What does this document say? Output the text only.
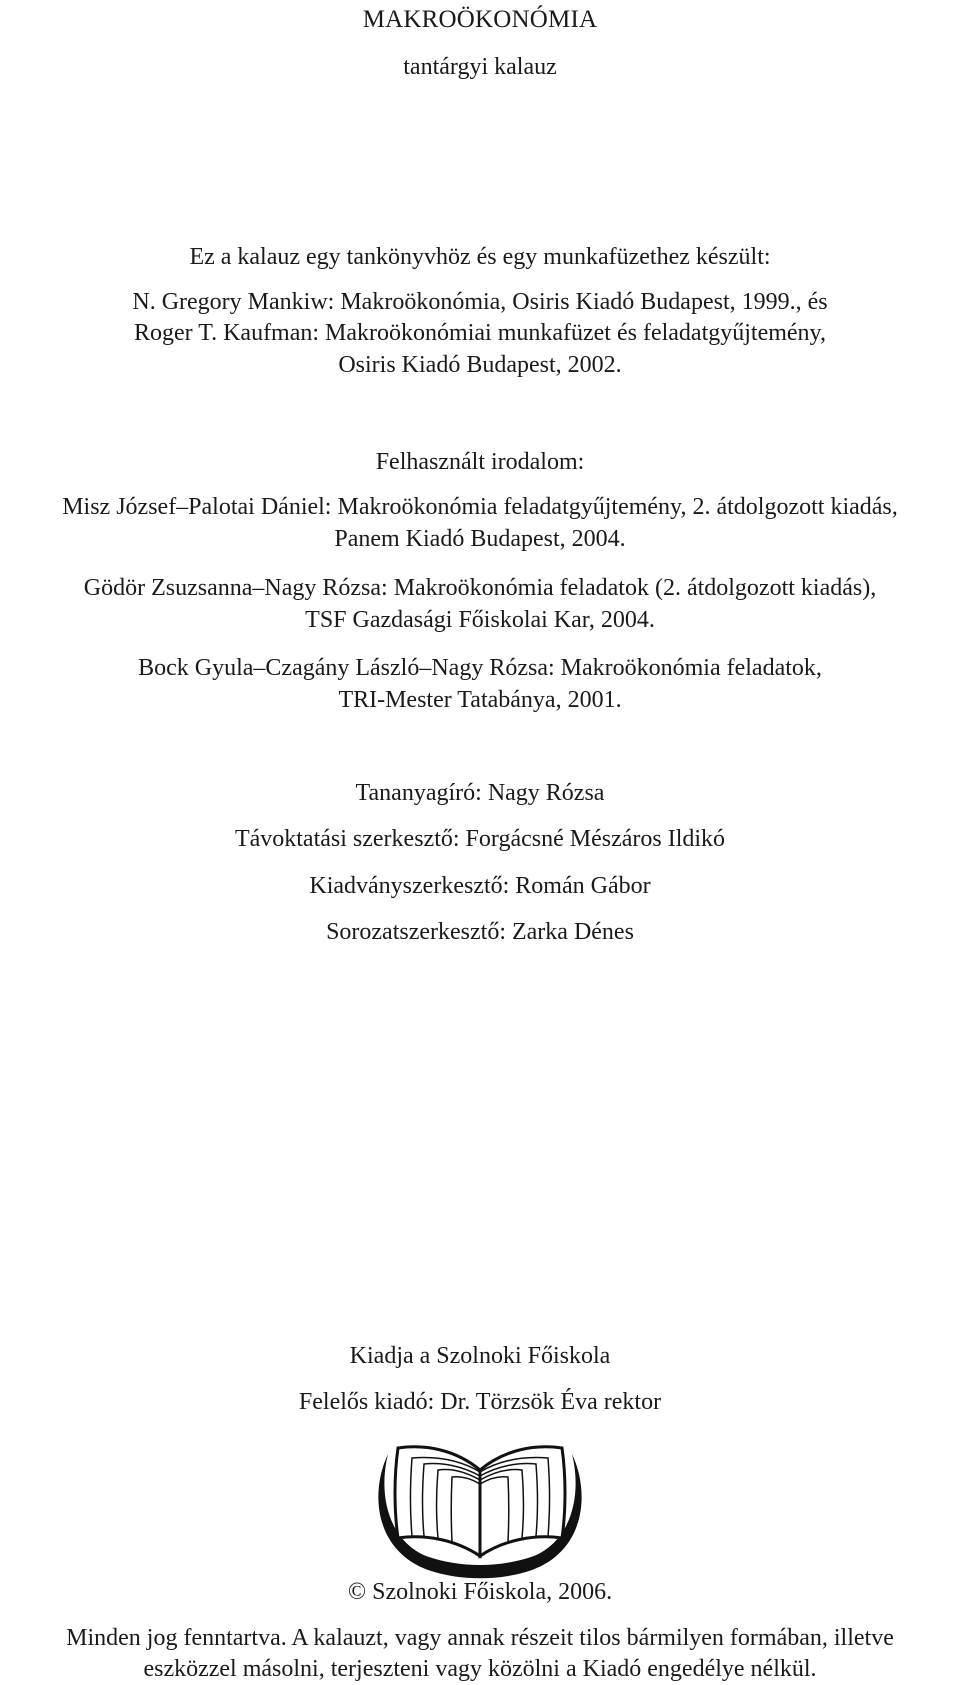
MAKROÖKONÓMIA
tantárgyi kalauz
Ez a kalauz egy tankönyvhöz és egy munkafüzethez készült:
N. Gregory Mankiw: Makroökonómia, Osiris Kiadó Budapest, 1999., és
Roger T. Kaufman: Makroökonómiai munkafüzet és feladatgyűjtemény,
Osiris Kiadó Budapest, 2002.
Felhasznált irodalom:
Misz József–Palotai Dániel: Makroökonómia feladatgyűjtemény, 2. átdolgozott kiadás,
Panem Kiadó Budapest, 2004.
Gödör Zsuzsanna–Nagy Rózsa: Makroökonómia feladatok (2. átdolgozott kiadás),
TSF Gazdasági Főiskolai Kar, 2004.
Bock Gyula–Czagány László–Nagy Rózsa: Makroökonómia feladatok,
TRI-Mester Tatabánya, 2001.
Tananyagíró: Nagy Rózsa
Távoktatási szerkesztő: Forgácsné Mészáros Ildikó
Kiadványszerkesztő: Román Gábor
Sorozatszerkesztő: Zarka Dénes
Kiadja a Szolnoki Főiskola
Felelős kiadó: Dr. Törzsök Éva rektor
© Szolnoki Főiskola, 2006.
Minden jog fenntartva. A kalauzt, vagy annak részeit tilos bármilyen formában, illetve
eszközzel másolni, terjeszteni vagy közölni a Kiadó engedélye nélkül.
